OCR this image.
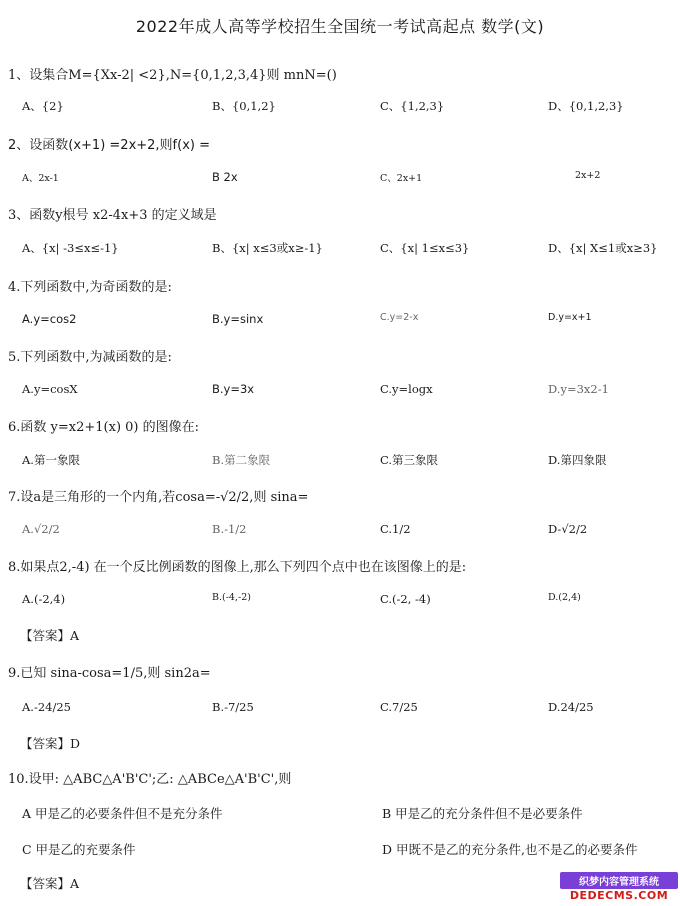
2022年成人高等学校招生全国统一考试高起点 数学(文)
1、设集合M={Xx-2| <2},N={0,1,2,3,4}则 mnN=()
A、{2}	B、{0,1,2}	C、{1,2,3}	D、{0,1,2,3}
2、设函数(x+1) =2x+2,则f(x) =
A、2x-1	B 2x	C、2x+1	2x+2
3、函数y根号 x2-4x+3 的定义域是
A、{x| -3≤x≤-1}	B、{x| x≤3或x≥-1}	C、{x| 1≤x≤3}	D、{x| X≤1或x≥3}
4.下列函数中,为奇函数的是:
A.y=cos2	B.y=sinx	C.y=2-x	D.y=x+1
5.下列函数中,为减函数的是:
A.y=cosX	B.y=3x	C.y=logx	D.y=3x2-1
6.函数 y=x2+1(x) 0) 的图像在:
A.第一象限	B.第二象限	C.第三象限	D.第四象限
7.设a是三角形的一个内角,若cosa=-√2/2,则 sina=
A.√2/2	B.-1/2	C.1/2	D-√2/2
8.如果点2,-4) 在一个反比例函数的图像上,那么下列四个点中也在该图像上的是:
A.(-2,4)	B.(-4,-2)	C.(-2, -4)	D.(2,4)
【答案】A
9.已知 sina-cosa=1/5,则 sin2a=
A.-24/25	B.-7/25	C.7/25	D.24/25
【答案】D
10.设甲: △ABC△A'B'C';乙: △ABCe△A'B'C',则
A 甲是乙的必要条件但不是充分条件	B 甲是乙的充分条件但不是必要条件
C 甲是乙的充要条件	D 甲既不是乙的充分条件,也不是乙的必要条件
【答案】A	织梦内容管理系统
DEDECMS.COM
